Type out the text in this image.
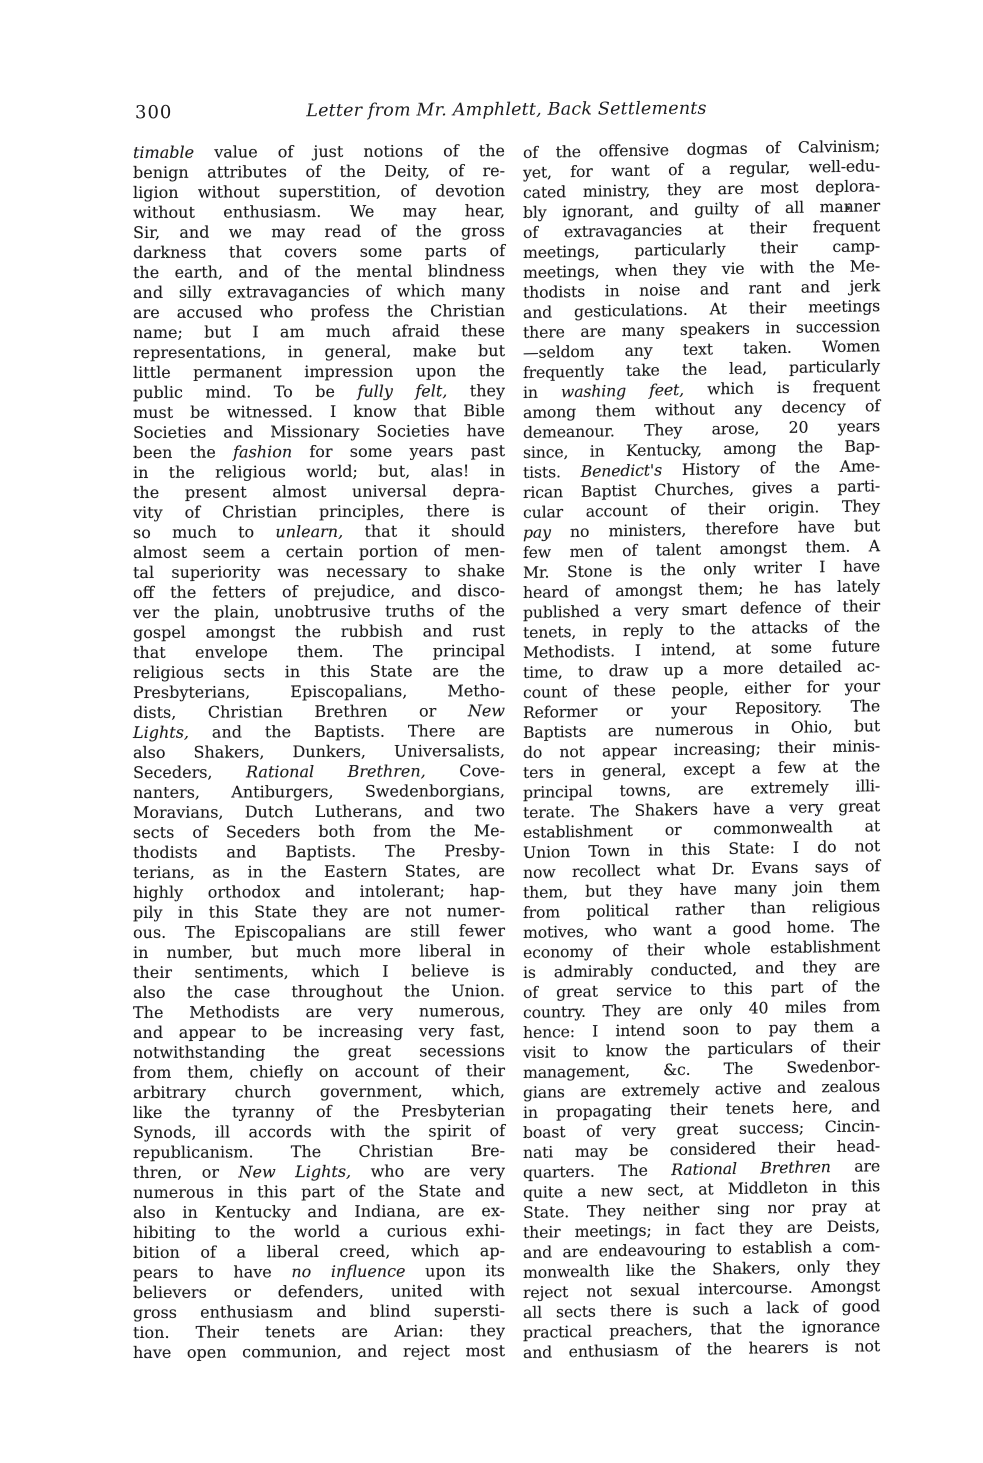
300	Letter from Mr. Amphlett, Back Settlements
timable value of just notions of the
benign attributes of the Deity, of re-
ligion without superstition, of devotion
without enthusiasm. We may hear,
Sir, and we may read of the gross
darkness that covers some parts of
the earth, and of the mental blindness
and silly extravagancies of which many
are accused who profess the Christian
name; but I am much afraid these
representations, in general, make but
little permanent impression upon the
public mind. To be fully felt, they
must be witnessed. I know that Bible
Societies and Missionary Societies have
been the fashion for some years past
in the religious world; but, alas! in
the present almost universal depra-
vity of Christian principles, there is
so much to unlearn, that it should
almost seem a certain portion of men-
tal superiority was necessary to shake
off the fetters of prejudice, and disco-
ver the plain, unobtrusive truths of the
gospel amongst the rubbish and rust
that envelope them. The principal
religious sects in this State are the
Presbyterians, Episcopalians, Metho-
dists, Christian Brethren or New
Lights, and the Baptists. There are
also Shakers, Dunkers, Universalists,
Seceders, Rational Brethren, Cove-
nanters, Antiburgers, Swedenborgians,
Moravians, Dutch Lutherans, and two
sects of Seceders both from the Me-
thodists and Baptists. The Presby-
terians, as in the Eastern States, are
highly orthodox and intolerant; hap-
pily in this State they are not numer-
ous. The Episcopalians are still fewer
in number, but much more liberal in
their sentiments, which I believe is
also the case throughout the Union.
The Methodists are very numerous,
and appear to be increasing very fast,
notwithstanding the great secessions
from them, chiefly on account of their
arbitrary church government, which,
like the tyranny of the Presbyterian
Synods, ill accords with the spirit of
republicanism. The Christian Bre-
thren, or New Lights, who are very
numerous in this part of the State and
also in Kentucky and Indiana, are ex-
hibiting to the world a curious exhi-
bition of a liberal creed, which ap-
pears to have no influence upon its
believers or defenders, united with
gross enthusiasm and blind supersti-
tion. Their tenets are Arian: they
have open communion, and reject most
of the offensive dogmas of Calvinism;
yet, for want of a regular, well-edu-
cated ministry, they are most deplora-
bly ignorant, and guilty of all manner
of extravagancies at their frequent
meetings, particularly their camp-
meetings, when they vie with the Me-
thodists in noise and rant and jerk
and gesticulations. At their meetings
there are many speakers in succession
—seldom any text taken. Women
frequently take the lead, particularly
in washing feet, which is frequent
among them without any decency of
demeanour. They arose, 20 years
since, in Kentucky, among the Bap-
tists. Benedict's History of the Ame-
rican Baptist Churches, gives a parti-
cular account of their origin. They
pay no ministers, therefore have but
few men of talent amongst them. A
Mr. Stone is the only writer I have
heard of amongst them; he has lately
published a very smart defence of their
tenets, in reply to the attacks of the
Methodists. I intend, at some future
time, to draw up a more detailed ac-
count of these people, either for your
Reformer or your Repository. The
Baptists are numerous in Ohio, but
do not appear increasing; their minis-
ters in general, except a few at the
principal towns, are extremely illi-
terate. The Shakers have a very great
establishment or commonwealth at
Union Town in this State: I do not
now recollect what Dr. Evans says of
them, but they have many join them
from political rather than religious
motives, who want a good home. The
economy of their whole establishment
is admirably conducted, and they are
of great service to this part of the
country. They are only 40 miles from
hence: I intend soon to pay them a
visit to know the particulars of their
management, &c. The Swedenbor-
gians are extremely active and zealous
in propagating their tenets here, and
boast of very great success; Cincin-
nati may be considered their head-
quarters. The Rational Brethren are
quite a new sect, at Middleton in this
State. They neither sing nor pray at
their meetings; in fact they are Deists,
and are endeavouring to establish a com-
monwealth like the Shakers, only they
reject not sexual intercourse. Amongst
all sects there is such a lack of good
practical preachers, that the ignorance
and enthusiasm of the hearers is not
